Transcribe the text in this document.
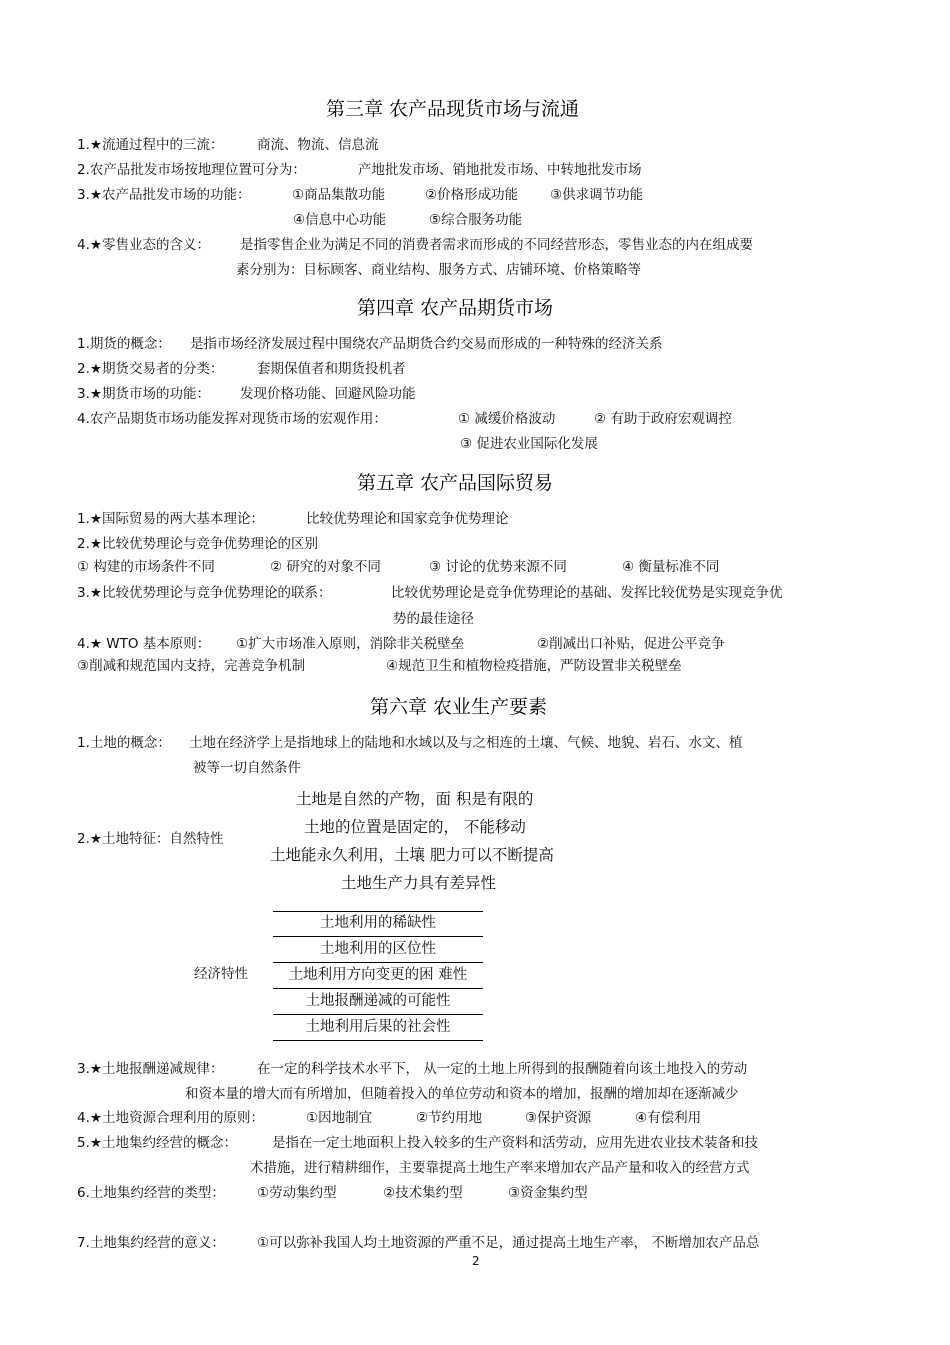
第三章 农产品现货市场与流通
1.★流通过程中的三流： 商流、物流、信息流
2.农产品批发市场按地理位置可分为：	产地批发市场、销地批发市场、中转地批发市场
3.★农产品批发市场的功能：	①商品集散功能	②价格形成功能 ③供求调节功能
④信息中心功能	⑤综合服务功能
4.★零售业态的含义： 是指零售企业为满足不同的消费者需求而形成的不同经营形态，零售业态的内在组成要
素分别为：目标顾客、商业结构、服务方式、店铺环境、价格策略等
第四章 农产品期货市场
1.期货的概念： 是指市场经济发展过程中围绕农产品期货合约交易而形成的一种特殊的经济关系
2.★期货交易者的分类： 套期保值者和期货投机者
3.★期货市场的功能： 发现价格功能、回避风险功能
4.农产品期货市场功能发挥对现货市场的宏观作用：	① 减缓价格波动	② 有助于政府宏观调控
③ 促进农业国际化发展
第五章 农产品国际贸易
1.★国际贸易的两大基本理论：	比较优势理论和国家竞争优势理论
2.★比较优势理论与竞争优势理论的区别
① 构建的市场条件不同	② 研究的对象不同	③ 讨论的优势来源不同	④ 衡量标准不同
3.★比较优势理论与竞争优势理论的联系：	比较优势理论是竞争优势理论的基础、发挥比较优势是实现竞争优
势的最佳途径
4.★ WTO 基本原则： ①扩大市场准入原则，消除非关税壁垒	②削减出口补贴，促进公平竞争
③削减和规范国内支持，完善竞争机制	④规范卫生和植物检疫措施，严防设置非关税壁垒
第六章 农业生产要素
1.土地的概念： 土地在经济学上是指地球上的陆地和水域以及与之相连的土壤、气候、地貌、岩石、水文、植
被等一切自然条件
2.★土地特征：自然特性
土地是自然的产物，面 积是有限的
土地的位置是固定的， 不能移动
土地能永久利用，土壤 肥力可以不断提高
土地生产力具有差异性
经济特性
土地利用的稀缺性
土地利用的区位性
土地利用方向变更的困 难性
土地报酬递减的可能性
土地利用后果的社会性
3.★土地报酬递减规律： 在一定的科学技术水平下， 从一定的土地上所得到的报酬随着向该土地投入的劳动
和资本量的增大而有所增加，但随着投入的单位劳动和资本的增加，报酬的增加却在逐渐减少
4.★土地资源合理利用的原则：	①因地制宜	②节约用地	③保护资源	④有偿利用
5.★土地集约经营的概念：	是指在一定土地面积上投入较多的生产资料和活劳动，应用先进农业技术装备和技
术措施，进行精耕细作，主要靠提高土地生产率来增加农产品产量和收入的经营方式
6.土地集约经营的类型： ①劳动集约型	②技术集约型	③资金集约型
7.土地集约经营的意义： ①可以弥补我国人均土地资源的严重不足，通过提高土地生产率， 不断增加农产品总
2
